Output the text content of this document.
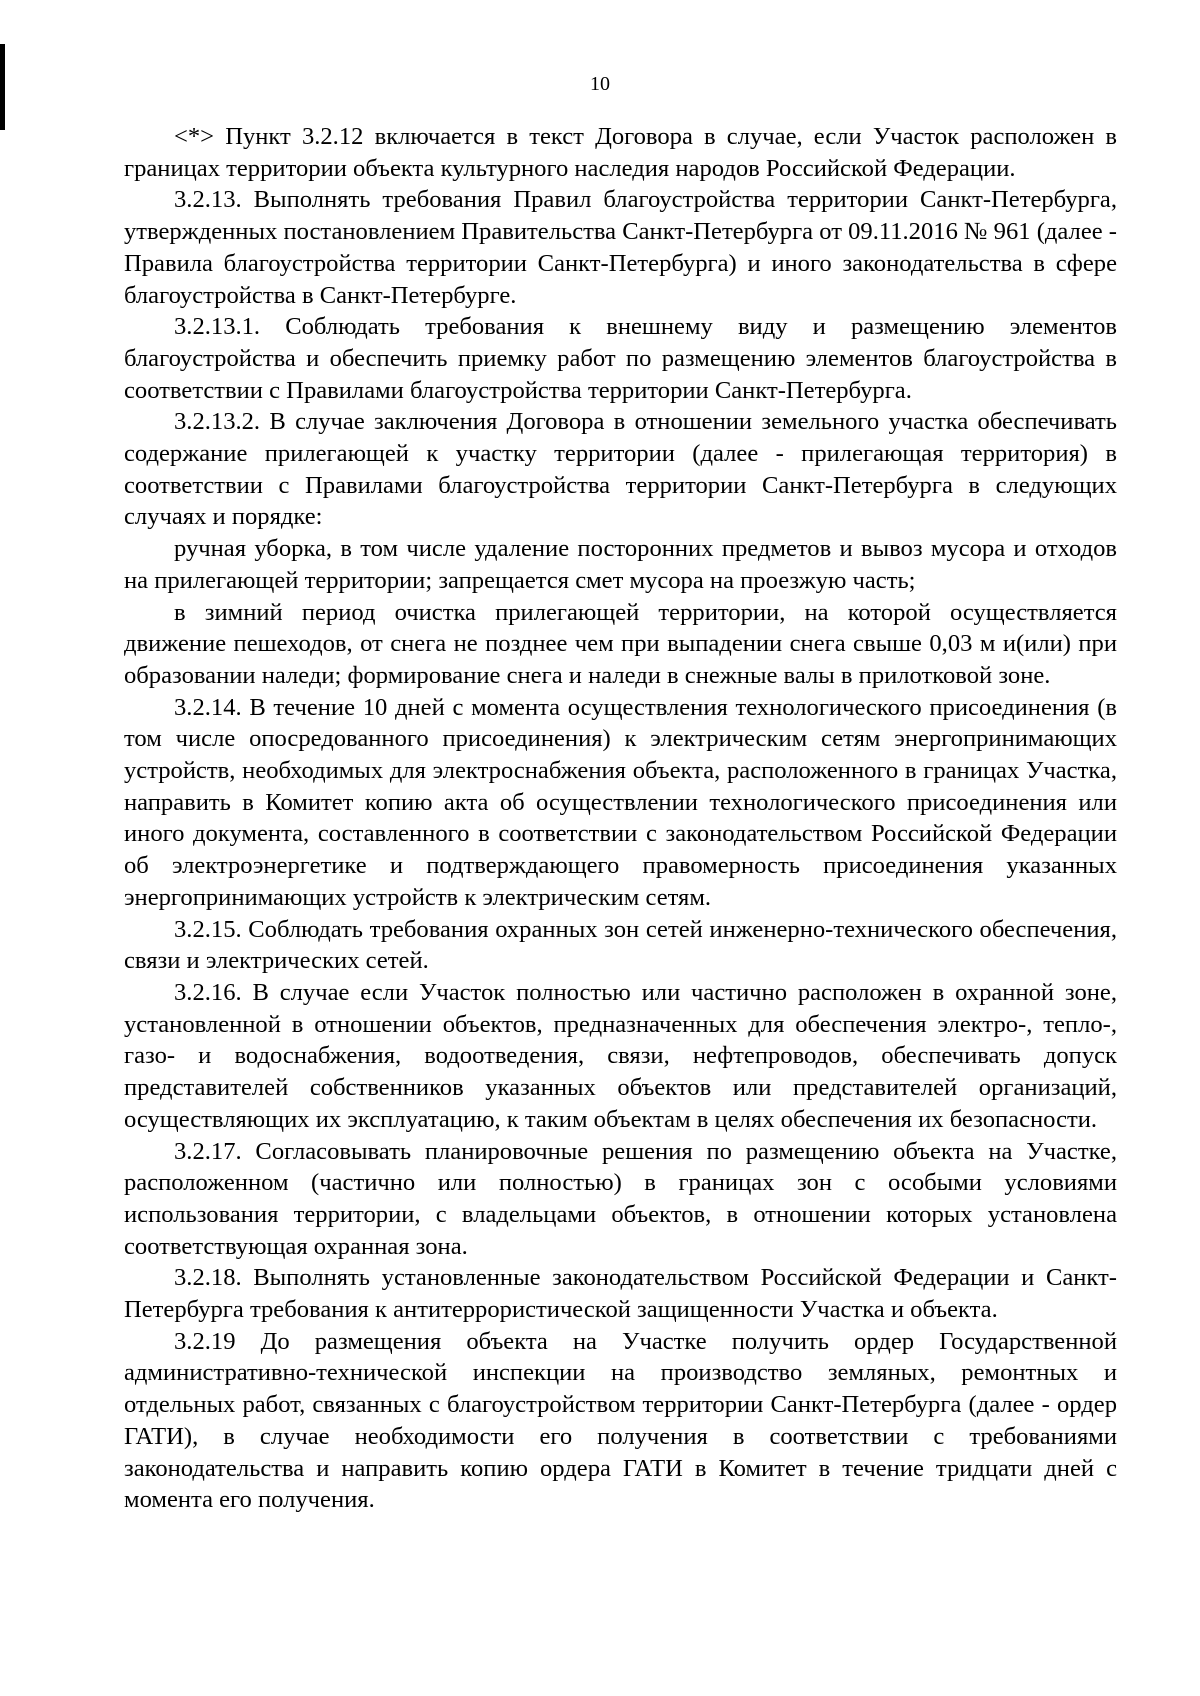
10

<*> Пункт 3.2.12 включается в текст Договора в случае, если Участок расположен в границах территории объекта культурного наследия народов Российской Федерации.

3.2.13. Выполнять требования Правил благоустройства территории Санкт-Петербурга, утвержденных постановлением Правительства Санкт-Петербурга от 09.11.2016 № 961 (далее - Правила благоустройства территории Санкт-Петербурга) и иного законодательства в сфере благоустройства в Санкт-Петербурге.

3.2.13.1. Соблюдать требования к внешнему виду и размещению элементов благоустройства и обеспечить приемку работ по размещению элементов благоустройства в соответствии с Правилами благоустройства территории Санкт-Петербурга.

3.2.13.2. В случае заключения Договора в отношении земельного участка обеспечивать содержание прилегающей к участку территории (далее - прилегающая территория) в соответствии с Правилами благоустройства территории Санкт-Петербурга в следующих случаях и порядке:

ручная уборка, в том числе удаление посторонних предметов и вывоз мусора и отходов на прилегающей территории; запрещается смет мусора на проезжую часть;

в зимний период очистка прилегающей территории, на которой осуществляется движение пешеходов, от снега не позднее чем при выпадении снега свыше 0,03 м и(или) при образовании наледи; формирование снега и наледи в снежные валы в прилотковой зоне.

3.2.14. В течение 10 дней с момента осуществления технологического присоединения (в том числе опосредованного присоединения) к электрическим сетям энергопринимающих устройств, необходимых для электроснабжения объекта, расположенного в границах Участка, направить в Комитет копию акта об осуществлении технологического присоединения или иного документа, составленного в соответствии с законодательством Российской Федерации об электроэнергетике и подтверждающего правомерность присоединения указанных энергопринимающих устройств к электрическим сетям.

3.2.15. Соблюдать требования охранных зон сетей инженерно-технического обеспечения, связи и электрических сетей.

3.2.16. В случае если Участок полностью или частично расположен в охранной зоне, установленной в отношении объектов, предназначенных для обеспечения электро-, тепло-, газо- и водоснабжения, водоотведения, связи, нефтепроводов, обеспечивать допуск представителей собственников указанных объектов или представителей организаций, осуществляющих их эксплуатацию, к таким объектам в целях обеспечения их безопасности.

3.2.17. Согласовывать планировочные решения по размещению объекта на Участке, расположенном (частично или полностью) в границах зон с особыми условиями использования территории, с владельцами объектов, в отношении которых установлена соответствующая охранная зона.

3.2.18. Выполнять установленные законодательством Российской Федерации и Санкт-Петербурга требования к антитеррористической защищенности Участка и объекта.

3.2.19 До размещения объекта на Участке получить ордер Государственной административно-технической инспекции на производство земляных, ремонтных и отдельных работ, связанных с благоустройством территории Санкт-Петербурга (далее - ордер ГАТИ), в случае необходимости его получения в соответствии с требованиями законодательства и направить копию ордера ГАТИ в Комитет в течение тридцати дней с момента его получения.
